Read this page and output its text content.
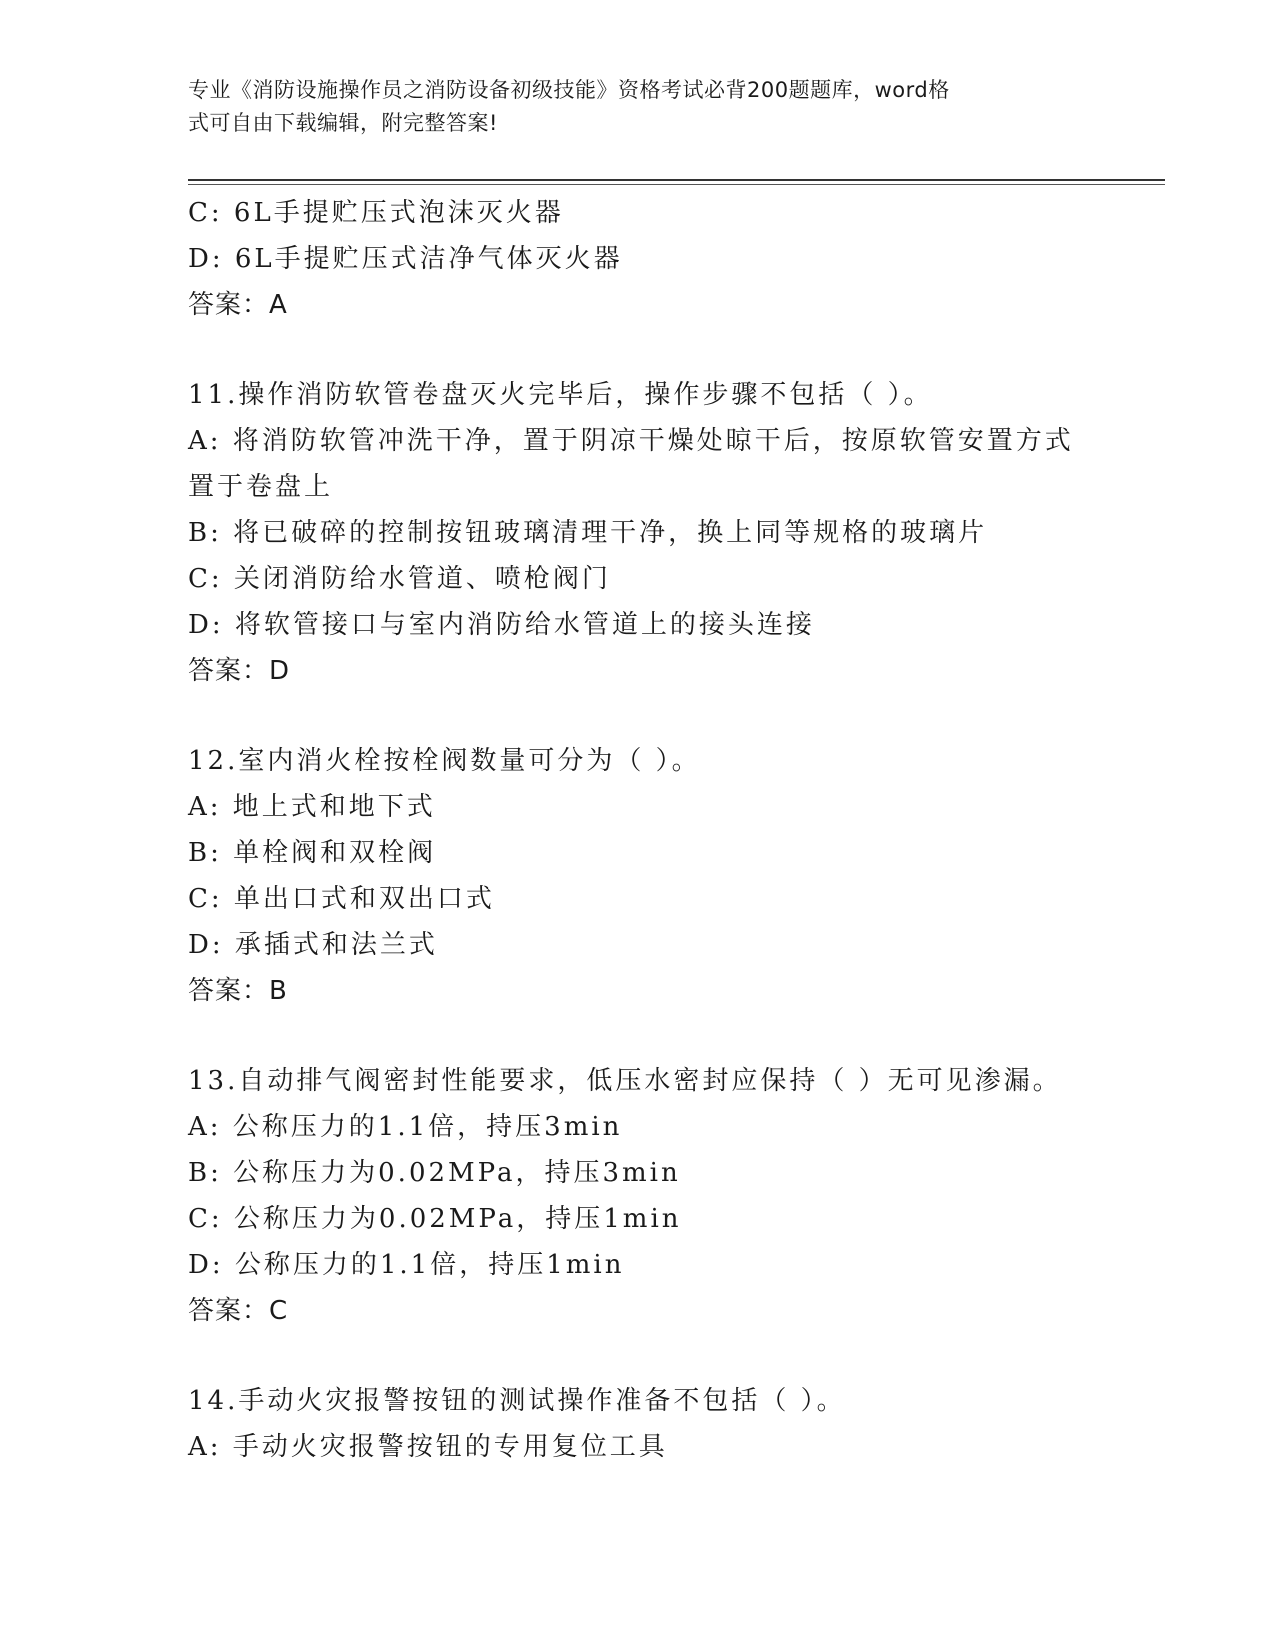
专业《消防设施操作员之消防设备初级技能》资格考试必背200题题库，word格
式可自由下载编辑，附完整答案!
C: 6L手提贮压式泡沫灭火器
D: 6L手提贮压式洁净气体灭火器
答案：A
11.操作消防软管卷盘灭火完毕后，操作步骤不包括（ ）。
A: 将消防软管冲洗干净，置于阴凉干燥处晾干后，按原软管安置方式置于卷盘上
B: 将已破碎的控制按钮玻璃清理干净，换上同等规格的玻璃片
C: 关闭消防给水管道、喷枪阀门
D: 将软管接口与室内消防给水管道上的接头连接
答案：D
12.室内消火栓按栓阀数量可分为（ ）。
A: 地上式和地下式
B: 单栓阀和双栓阀
C: 单出口式和双出口式
D: 承插式和法兰式
答案：B
13.自动排气阀密封性能要求，低压水密封应保持（ ）无可见渗漏。
A: 公称压力的1.1倍，持压3min
B: 公称压力为0.02MPa，持压3min
C: 公称压力为0.02MPa，持压1min
D: 公称压力的1.1倍，持压1min
答案：C
14.手动火灾报警按钮的测试操作准备不包括（ ）。
A: 手动火灾报警按钮的专用复位工具
